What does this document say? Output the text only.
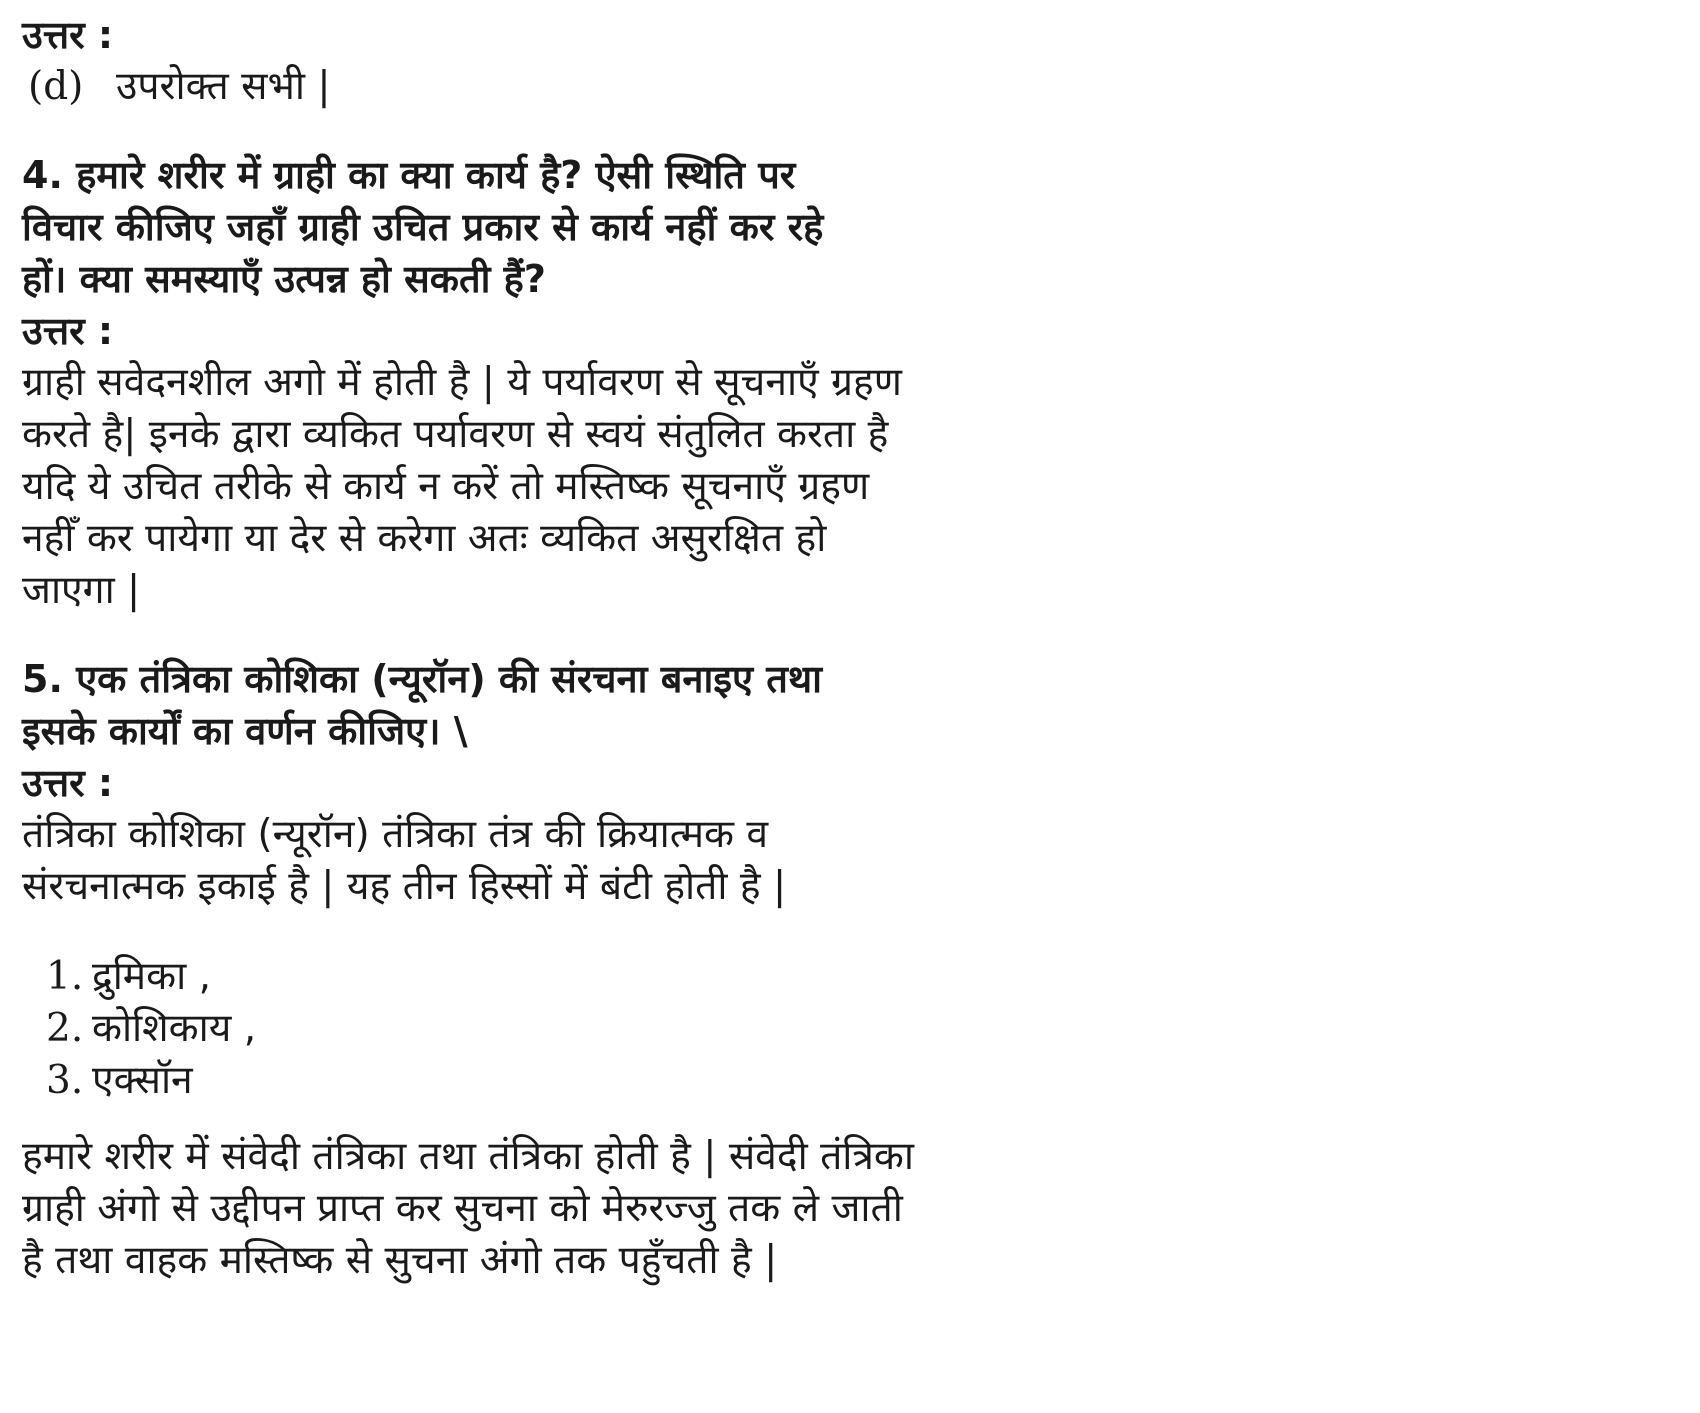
उत्तर :
(d) उपरोक्त सभी |
4. हमारे शरीर में ग्राही का क्या कार्य है? ऐसी स्थिति पर
विचार कीजिए जहाँ ग्राही उचित प्रकार से कार्य नहीं कर रहे
हों। क्या समस्याएँ उत्पन्न हो सकती हैं?
उत्तर :
ग्राही सवेदनशील अगो में होती है | ये पर्यावरण से सूचनाएँ ग्रहण
करते है| इनके द्वारा व्यकित पर्यावरण से स्वयं संतुलित करता है
यदि ये उचित तरीके से कार्य न करें तो मस्तिष्क सूचनाएँ ग्रहण
नहीँ कर पायेगा या देर से करेगा अतः व्यकित असुरक्षित हो
जाएगा |
5. एक तंत्रिका कोशिका (न्यूरॉन) की संरचना बनाइए तथा
इसके कार्यों का वर्णन कीजिए। \
उत्तर :
तंत्रिका कोशिका (न्यूरॉन) तंत्रिका तंत्र की क्रियात्मक व
संरचनात्मक इकाई है | यह तीन हिस्सों में बंटी होती है |
1. द्रुमिका ,
2. कोशिकाय ,
3. एक्सॉन
हमारे शरीर में संवेदी तंत्रिका तथा तंत्रिका होती है | संवेदी तंत्रिका
ग्राही अंगो से उद्दीपन प्राप्त कर सुचना को मेरुरज्जु तक ले जाती
है तथा वाहक मस्तिष्क से सुचना अंगो तक पहुँचती है |
